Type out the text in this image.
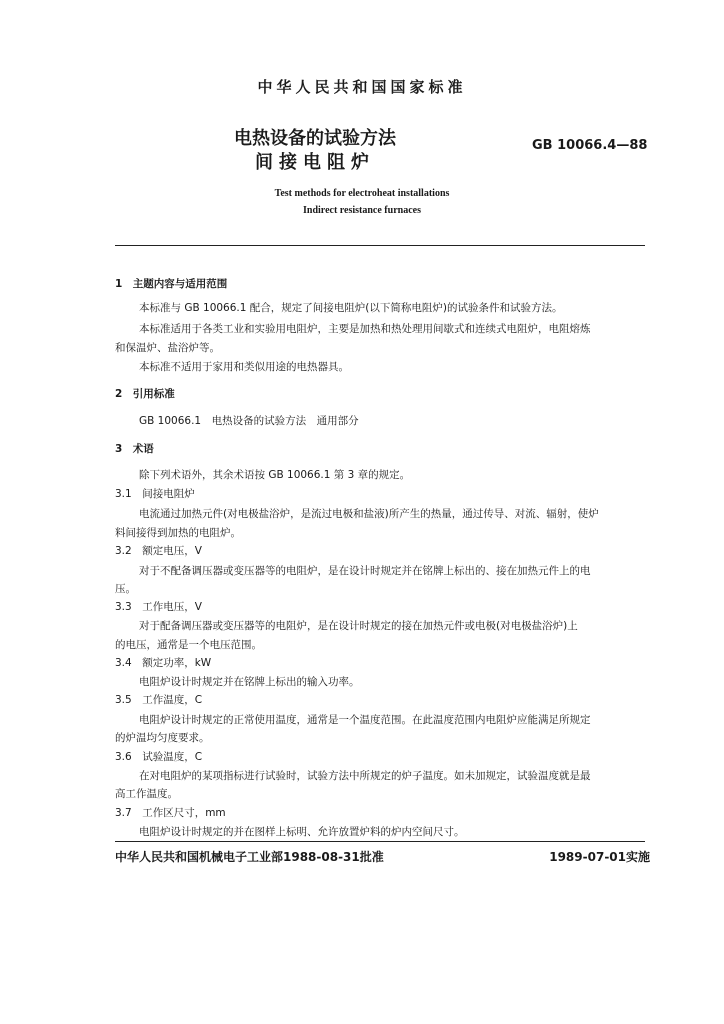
中华人民共和国国家标准
电热设备的试验方法
间接电阻炉
GB 10066.4—88
Test methods for electroheat installations
Indirect resistance furnaces
1　主题内容与适用范围
本标准与 GB 10066.1 配合，规定了间接电阻炉(以下简称电阻炉)的试验条件和试验方法。
本标准适用于各类工业和实验用电阻炉，主要是加热和热处理用间歇式和连续式电阻炉，电阻熔炼
和保温炉、盐浴炉等。
本标准不适用于家用和类似用途的电热器具。
2　引用标准
GB 10066.1　电热设备的试验方法　通用部分
3　术语
除下列术语外，其余术语按 GB 10066.1 第 3 章的规定。
3.1　间接电阻炉
电流通过加热元件(对电极盐浴炉，是流过电极和盐液)所产生的热量，通过传导、对流、辐射，使炉
料间接得到加热的电阻炉。
3.2　额定电压，V
对于不配备调压器或变压器等的电阻炉，是在设计时规定并在铭牌上标出的、接在加热元件上的电
压。
3.3　工作电压，V
对于配备调压器或变压器等的电阻炉，是在设计时规定的接在加热元件或电极(对电极盐浴炉)上
的电压，通常是一个电压范围。
3.4　额定功率，kW
电阻炉设计时规定并在铭牌上标出的输入功率。
3.5　工作温度，C
电阻炉设计时规定的正常使用温度，通常是一个温度范围。在此温度范围内电阻炉应能满足所规定
的炉温均匀度要求。
3.6　试验温度，C
在对电阻炉的某项指标进行试验时，试验方法中所规定的炉子温度。如未加规定，试验温度就是最
高工作温度。
3.7　工作区尺寸，mm
电阻炉设计时规定的并在图样上标明、允许放置炉料的炉内空间尺寸。
中华人民共和国机械电子工业部1988-08-31批准	1989-07-01实施
